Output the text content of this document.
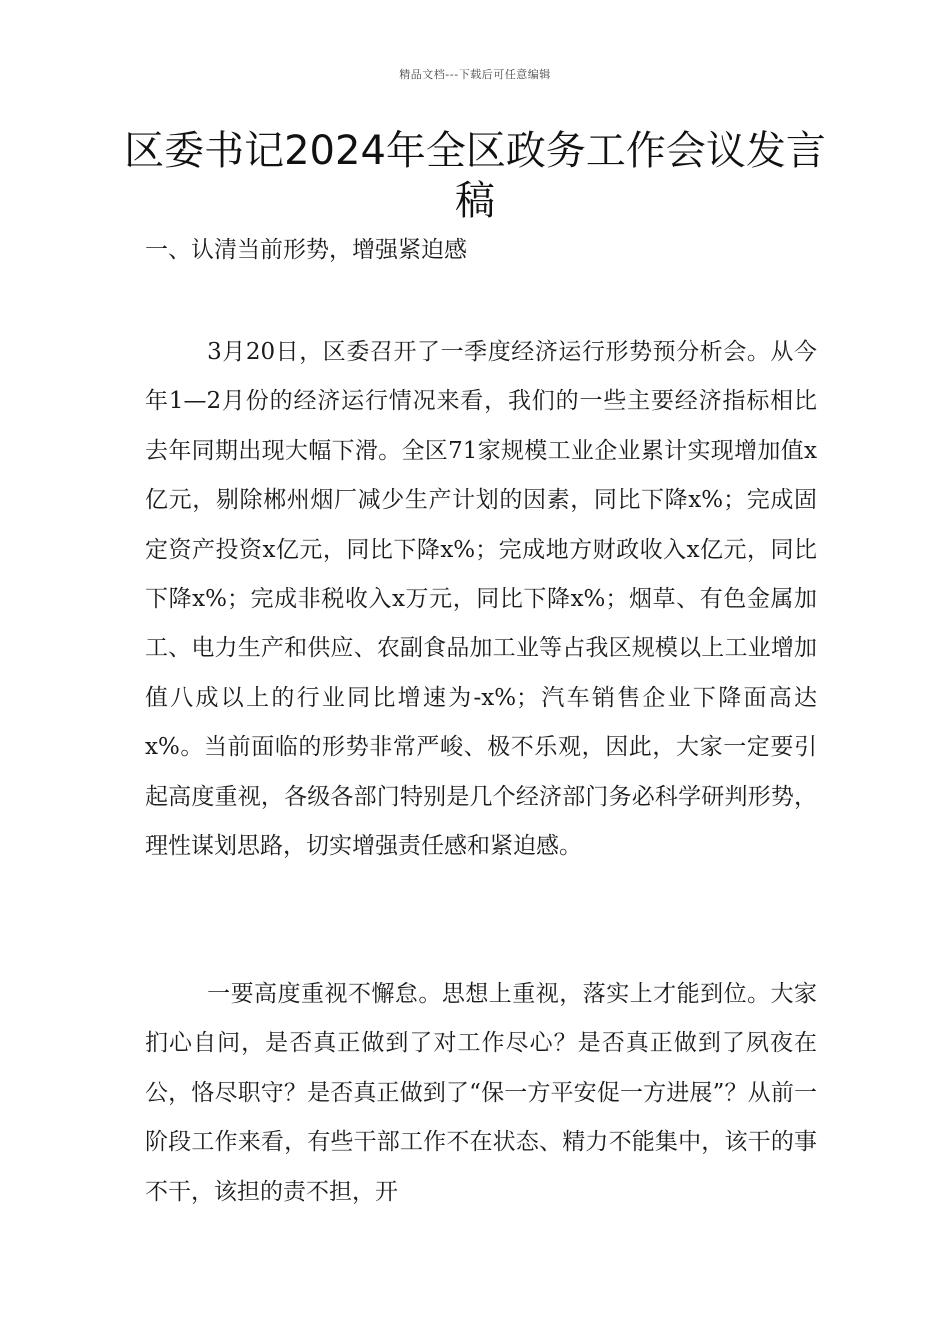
精品文档---下载后可任意编辑
区委书记2024年全区政务工作会议发言稿
一、认清当前形势，增强紧迫感

3月20日，区委召开了一季度经济运行形势预分析会。从今年1—2月份的经济运行情况来看，我们的一些主要经济指标相比去年同期出现大幅下滑。全区71家规模工业企业累计实现增加值x亿元，剔除郴州烟厂减少生产计划的因素，同比下降x%；完成固定资产投资x亿元，同比下降x%；完成地方财政收入x亿元，同比下降x%；完成非税收入x万元，同比下降x%；烟草、有色金属加工、电力生产和供应、农副食品加工业等占我区规模以上工业增加值八成以上的行业同比增速为-x%；汽车销售企业下降面高达x%。当前面临的形势非常严峻、极不乐观，因此，大家一定要引起高度重视，各级各部门特别是几个经济部门务必科学研判形势，理性谋划思路，切实增强责任感和紧迫感。

一要高度重视不懈怠。思想上重视，落实上才能到位。大家扪心自问，是否真正做到了对工作尽心？是否真正做到了夙夜在公，恪尽职守？是否真正做到了“保一方平安促一方进展”？从前一阶段工作来看，有些干部工作不在状态、精力不能集中，该干的事不干，该担的责不担，开
